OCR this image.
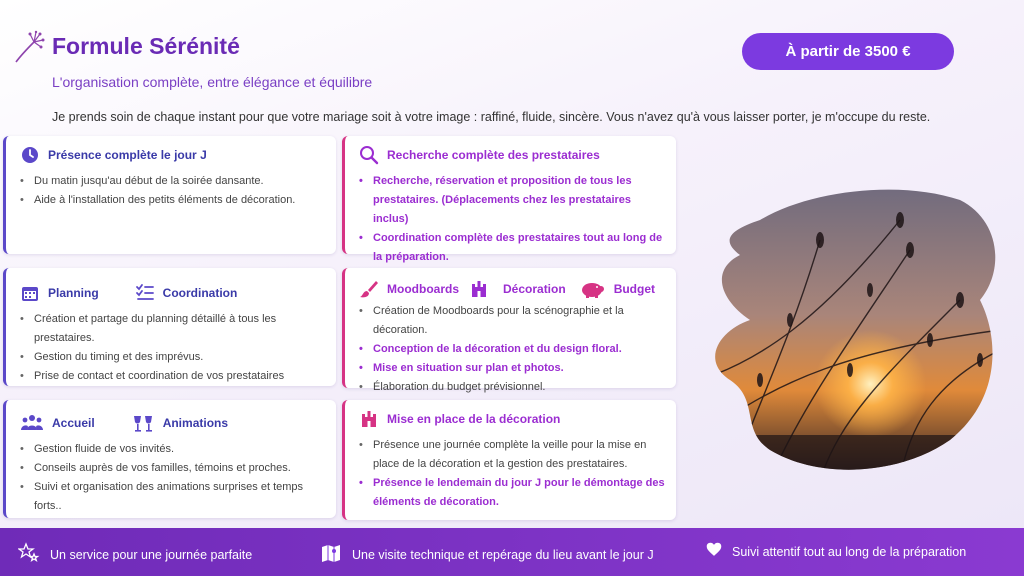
Formule Sérénité
L'organisation complète, entre élégance et équilibre
Je prends soin de chaque instant pour que votre mariage soit à votre image : raffiné, fluide, sincère. Vous n'avez qu'à vous laisser porter, je m'occupe du reste.
À partir de 3500 €
Présence complète le jour J
• Du matin jusqu'au début de la soirée dansante.
• Aide à l'installation des petits éléments de décoration.
Recherche complète des prestataires
• Recherche, réservation et proposition de tous les prestataires. (Déplacements chez les prestataires inclus)
• Coordination complète des prestataires tout au long de la préparation.
Planning	Coordination
• Création et partage du planning détaillé à tous les prestataires.
• Gestion du timing et des imprévus.
• Prise de contact et coordination de vos prestataires
Moodboards	Décoration	Budget
• Création de Moodboards pour la scénographie et la décoration.
• Conception de la décoration et du design floral.
• Mise en situation sur plan et photos.
• Élaboration du budget prévisionnel.
Accueil	Animations
• Gestion fluide de vos invités.
• Conseils auprès de vos familles, témoins et proches.
• Suivi et organisation des animations surprises et temps forts..
Mise en place de la décoration
• Présence une journée complète la veille pour la mise en place de la décoration et la gestion des prestataires.
• Présence le lendemain du jour J pour le démontage des éléments de décoration.
Un service pour une journée parfaite	Une visite technique et repérage du lieu avant le jour J	Suivi attentif tout au long de la préparation
